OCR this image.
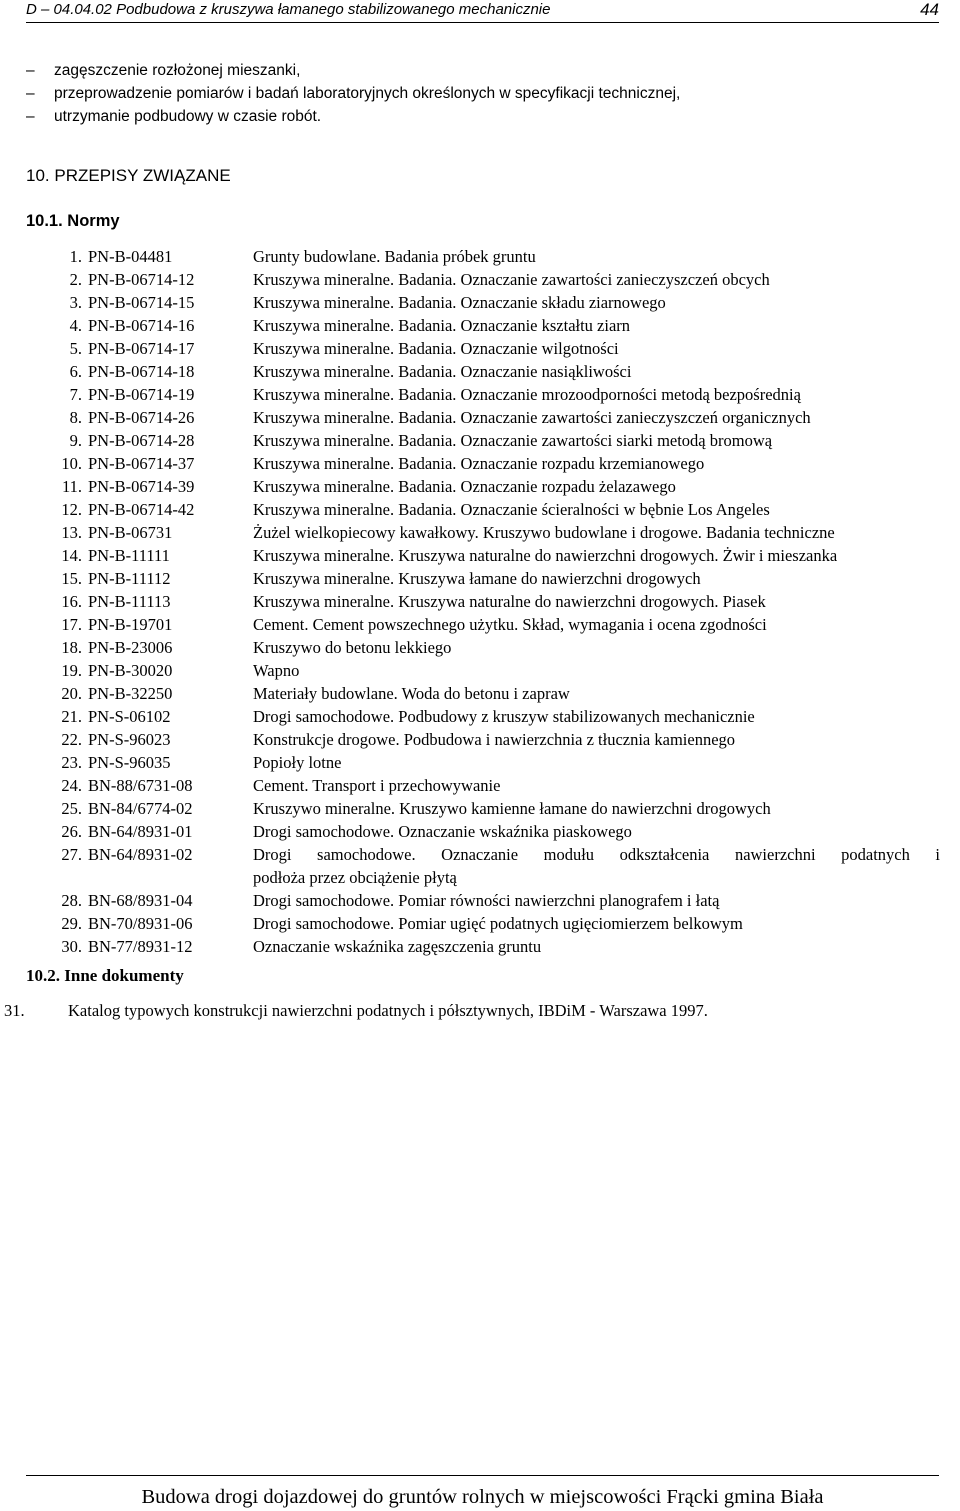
D – 04.04.02 Podbudowa z kruszywa łamanego stabilizowanego mechanicznie	44
– zagęszczenie rozłożonej mieszanki,
– przeprowadzenie pomiarów i badań laboratoryjnych określonych w specyfikacji technicznej,
– utrzymanie podbudowy w czasie robót.
10. PRZEPISY ZWIĄZANE
10.1. Normy
1. PN-B-04481	Grunty budowlane. Badania próbek gruntu
2. PN-B-06714-12	Kruszywa mineralne. Badania. Oznaczanie zawartości zanieczyszczeń obcych
3. PN-B-06714-15	Kruszywa mineralne. Badania. Oznaczanie składu ziarnowego
4. PN-B-06714-16	Kruszywa mineralne. Badania. Oznaczanie kształtu ziarn
5. PN-B-06714-17	Kruszywa mineralne. Badania. Oznaczanie wilgotności
6. PN-B-06714-18	Kruszywa mineralne. Badania. Oznaczanie nasiąkliwości
7. PN-B-06714-19	Kruszywa mineralne. Badania. Oznaczanie mrozoodporności metodą bezpośrednią
8. PN-B-06714-26	Kruszywa mineralne. Badania. Oznaczanie zawartości zanieczyszczeń organicznych
9. PN-B-06714-28	Kruszywa mineralne. Badania. Oznaczanie zawartości siarki metodą bromową
10. PN-B-06714-37	Kruszywa mineralne. Badania. Oznaczanie rozpadu krzemianowego
11. PN-B-06714-39	Kruszywa mineralne. Badania. Oznaczanie rozpadu żelazawego
12. PN-B-06714-42	Kruszywa mineralne. Badania. Oznaczanie ścieralności w bębnie Los Angeles
13. PN-B-06731	Żużel wielkopiecowy kawałkowy. Kruszywo budowlane i drogowe. Badania techniczne
14. PN-B-11111	Kruszywa mineralne. Kruszywa naturalne do nawierzchni drogowych. Żwir i mieszanka
15. PN-B-11112	Kruszywa mineralne. Kruszywa łamane do nawierzchni drogowych
16. PN-B-11113	Kruszywa mineralne. Kruszywa naturalne do nawierzchni drogowych. Piasek
17. PN-B-19701	Cement. Cement powszechnego użytku. Skład, wymagania i ocena zgodności
18. PN-B-23006	Kruszywo do betonu lekkiego
19. PN-B-30020	Wapno
20. PN-B-32250	Materiały budowlane. Woda do betonu i zapraw
21. PN-S-06102	Drogi samochodowe. Podbudowy z kruszyw stabilizowanych mechanicznie
22. PN-S-96023	Konstrukcje drogowe. Podbudowa i nawierzchnia z tłucznia kamiennego
23. PN-S-96035	Popioły lotne
24. BN-88/6731-08	Cement. Transport i przechowywanie
25. BN-84/6774-02	Kruszywo mineralne. Kruszywo kamienne łamane do nawierzchni drogowych
26. BN-64/8931-01	Drogi samochodowe. Oznaczanie wskaźnika piaskowego
27. BN-64/8931-02	Drogi samochodowe. Oznaczanie modułu odkształcenia nawierzchni podatnych i
podłoża przez obciążenie płytą
28. BN-68/8931-04	Drogi samochodowe. Pomiar równości nawierzchni planografem i łatą
29. BN-70/8931-06	Drogi samochodowe. Pomiar ugięć podatnych ugięciomierzem belkowym
30. BN-77/8931-12	Oznaczanie wskaźnika zagęszczenia gruntu
10.2. Inne dokumenty
31.	Katalog typowych konstrukcji nawierzchni podatnych i półsztywnych, IBDiM - Warszawa 1997.
Budowa drogi dojazdowej do gruntów rolnych w miejscowości Frącki gmina Biała
